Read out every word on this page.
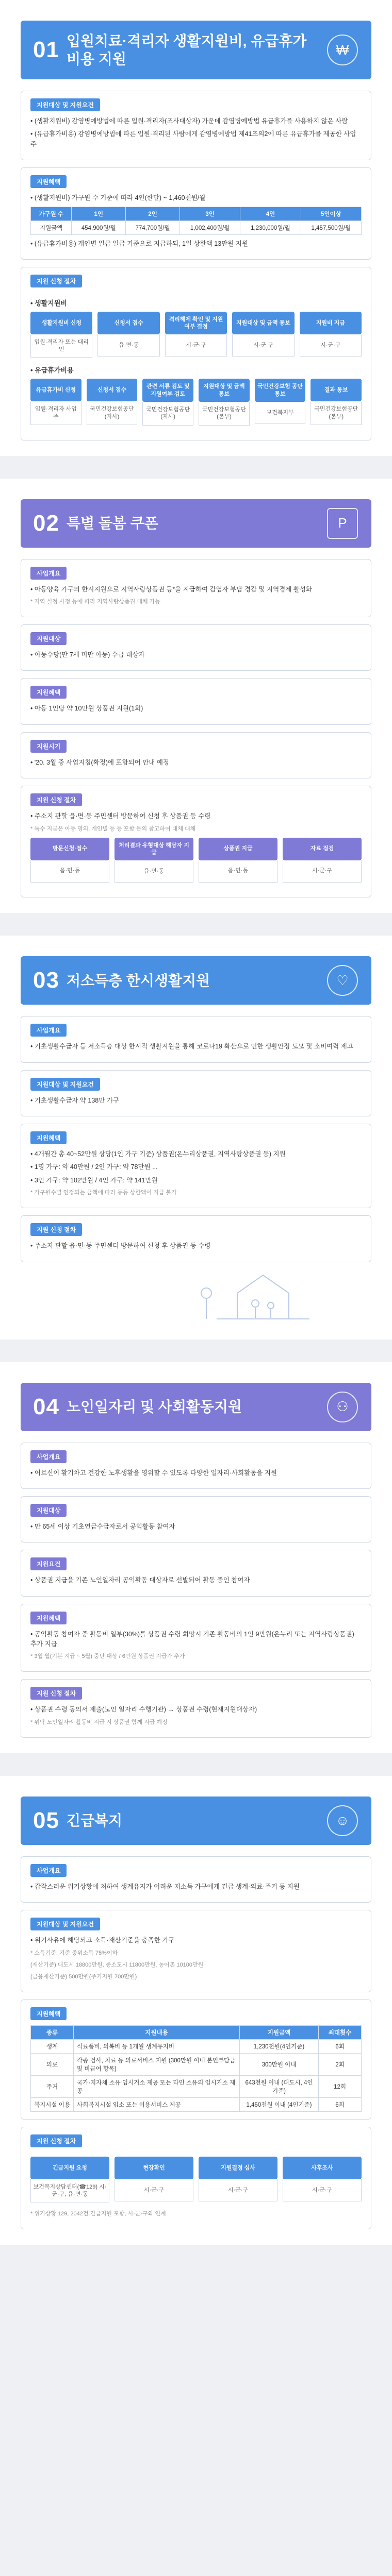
01 입원치료·격리자 생활지원비, 유급휴가비용 지원
₩
지원대상 및 지원요건

• (생활지원비) 감염병예방법에 따른 입원·격리자(조사대상자) 가운데 감염병예방법 유급휴가를 사용하지 않은 사람

• (유급휴가비용) 감염병예방법에 따른 입원·격리된 사람에게 감염병예방법 제41조의2에 따른 유급휴가를 제공한 사업주

지원혜택

• (생활지원비) 가구원 수 기준에 따라 4인(한달) ~ 1,460천원/월

가구원 수	1인	2인	3인	4인	5인이상
지원금액	454,900원/월	774,700원/월	1,002,400원/월	1,230,000원/월	1,457,500원/월

• (유급휴가비용) 개인별 일급 일급 기준으로 지급하되, 1일 상한액 13만원 지원

지원 신청 절차
• 생활지원비
생활지원비 신청
입원·격리자 또는 대리인
신청서 접수
읍·면·동
격리해제 확인 및 지원여부 결정
시·군·구
지원대상 및 금액 통보
시·군·구
지원비 지급
시·군·구
• 유급휴가비용
유급휴가비 신청
입원·격리자 사업주
신청서 접수
국민건강보험공단 (지사)
관련 서류 검토 및 지원여부 검토
국민건강보험공단 (지사)
지원대상 및 금액 통보
국민건강보험공단 (본부)
국민건강보험 공단 통보
보건복지부
결과 통보
국민건강보험공단 (본부)
02 특별 돌봄 쿠폰	P
사업개요

• 아동양육 가구의 한시지원으로 지역사랑상품권 등*을 지급하여 감염자 부담 경감 및 지역경제 활성화

* 지역 실정 사정 등에 따라 지역사랑상품권 대체 가능

지원대상

• 아동수당(만 7세 미만 아동) 수급 대상자

지원혜택

• 아동 1인당 약 10만원 상품권 지원(1회)

지원시기

• '20. 3월 중 사업지침(확정)에 포함되어 안내 예정

지원 신청 절차

• 주소지 관할 읍·면·동 주민센터 방문하여 신청 후 상품권 등 수령

* 특수 지급은 아동 명의, 개인별 등 등 포함 문의 참고하여 대체 대체

방문신청·접수
읍·면·동
처리결과 유형대상 해당자 지급
읍·면·동
상품권 지급
읍·면·동
자료 점검
시·군·구
03 저소득층 한시생활지원	♡
사업개요

• 기초생활수급자 등 저소득층 대상 한시적 생활지원을 통해 코로나19 확산으로 인한 생활안정 도모 및 소비여력 제고

지원대상 및 지원요건

• 기초생활수급자 약 138만 가구

지원혜택

• 4개월간 총 40~52만원 상당(1인 가구 기준) 상품권(온누리상품권, 지역사랑상품권 등) 지원

• 1명 가구: 약 40만원 / 2인 가구: 약 78만원 ...

• 3인 가구: 약 102만원 / 4인 가구: 약 141만원

* 가구원수별 인정되는 금액에 따라 등등 상한액이 지급 불가

지원 신청 절차

• 주소지 관할 읍·면·동 주민센터 방문하여 신청 후 상품권 등 수령

04 노인일자리 및 사회활동지원	⚇
사업개요

• 어르신이 활기차고 건강한 노후생활을 영위할 수 있도록 다양한 일자리·사회활동을 지원

지원대상

• 만 65세 이상 기초연금수급자로서 공익활동 참여자

지원요건

• 상품권 지급을 기존 노인일자리 공익활동 대상자로 선발되어 활동 중인 참여자

지원혜택

• 공익활동 참여자 중 활동비 일부(30%)를 상품권 수령 희망시 기존 활동비의 1인 9만원(온누리 또는 지역사랑상품권) 추가 지급

* 3월 월(기본 지급 ~ 5월) 중단 대상 / 6만원 상품권 지급가 추가

지원 신청 절차

• 상품권 수령 동의서 제출(노인 일자리 수행기관) → 상품권 수령(현재지원대상자)

* 위탁 노인일자리 활동비 지급 시 상품권 함께 지급 예정

05 긴급복지	☺
사업개요

• 갑작스러운 위기상황에 처하여 생계유지가 어려운 저소득 가구에게 긴급 생계·의료·주거 등 지원

지원대상 및 지원요건

• 위기사유에 해당되고 소득·재산기준을 충족한 가구

* 소득기준: 기준 중위소득 75%이하

(재산기준) 대도시 18800만원, 중소도시 11800만원, 농어촌 10100만원

(금융재산기준) 500만원(주거지원 700만원)

지원혜택
종류	지원내용	지원금액	최대횟수
생계	식료품비, 의복비 등 1개월 생계유지비	1,230천원(4인기준)	6회
의료	각종 검사, 치료 등 의료서비스 지원 (300만원 이내 본인부담금 및 비급여 항목)	300만원 이내	2회
주거	국가·지자체 소유 임시거소 제공 또는 타인 소유의 임시거소 제공	643천원 이내 (대도시, 4인기준)	12회
복지시설 이용	사회복지시설 입소 또는 이용서비스 제공	1,450천원 이내 (4인기준)	6회
지원 신청 절차
긴급지원 요청
보건복지상담센터(☎129) 시·군·구, 읍·면·동
현장확인
시·군·구
지원결정 심사
시·군·구
사후조사
시·군·구

* 위기상황 129, 2042건 긴급지원 포함, 시·군·구와 연계
